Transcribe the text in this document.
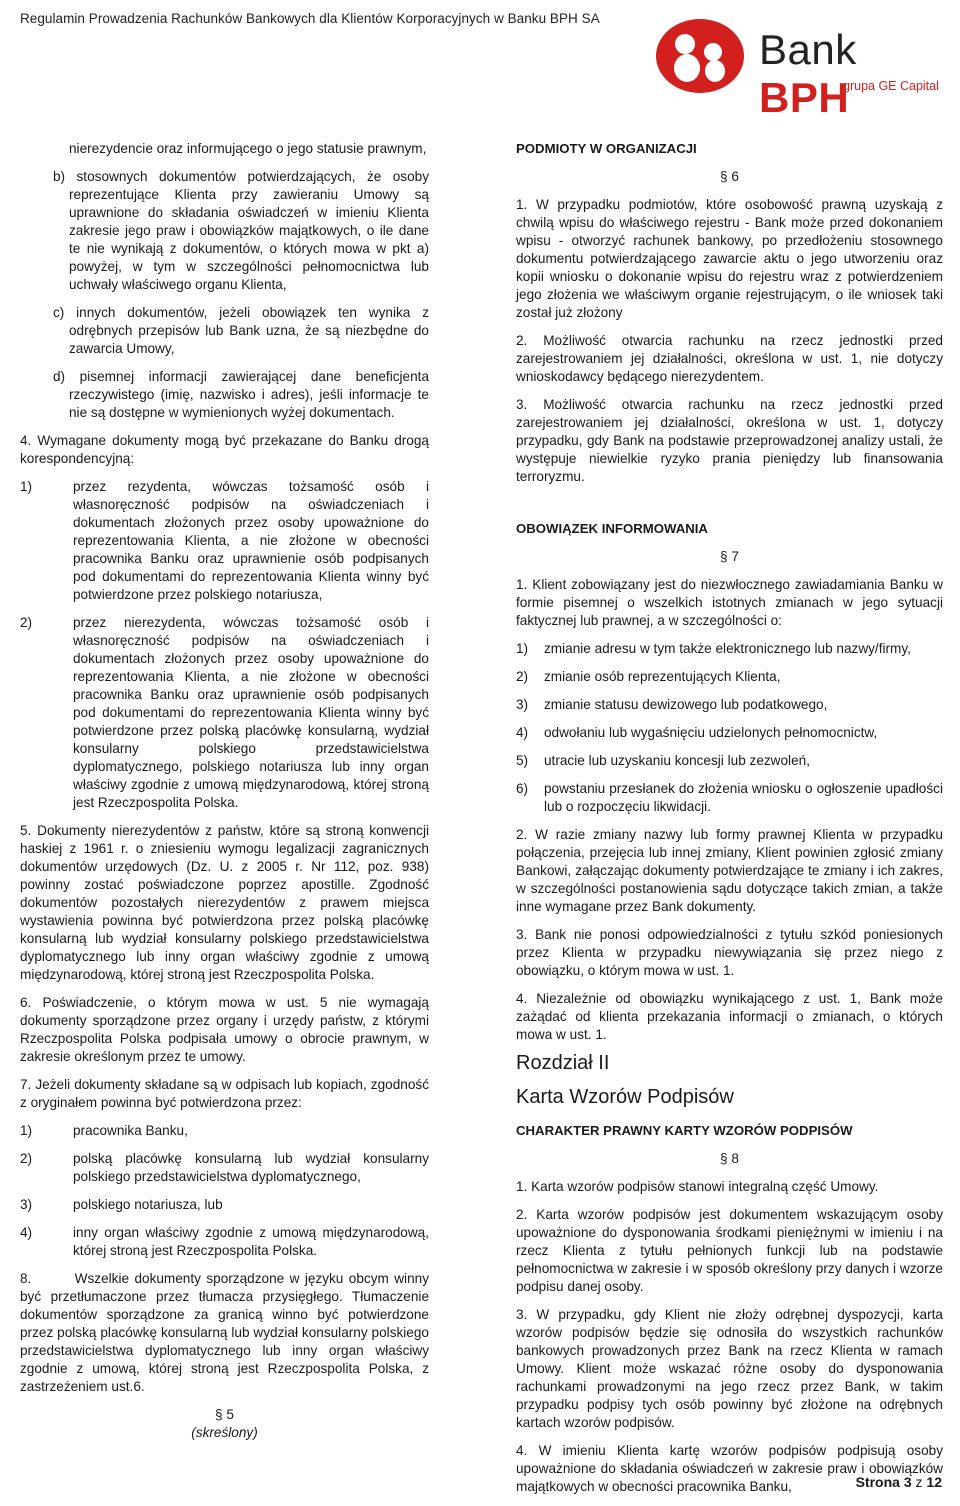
Regulamin Prowadzenia Rachunków Bankowych dla Klientów Korporacyjnych w Banku BPH SA
Bank BPH
grupa GE Capital

nierezydencie oraz informującego o jego statusie prawnym,

b) stosownych dokumentów potwierdzających, że osoby reprezentujące Klienta przy zawieraniu Umowy są uprawnione do składania oświadczeń w imieniu Klienta zakresie jego praw i obowiązków majątkowych, o ile dane te nie wynikają z dokumentów, o których mowa w pkt a) powyżej, w tym w szczególności pełnomocnictwa lub uchwały właściwego organu Klienta,

c) innych dokumentów, jeżeli obowiązek ten wynika z odrębnych przepisów lub Bank uzna, że są niezbędne do zawarcia Umowy,

d) pisemnej informacji zawierającej dane beneficjenta rzeczywistego (imię, nazwisko i adres), jeśli informacje te nie są dostępne w wymienionych wyżej dokumentach.

4. Wymagane dokumenty mogą być przekazane do Banku drogą korespondencyjną:

1)	przez rezydenta, wówczas tożsamość osób i własnoręczność podpisów na oświadczeniach i dokumentach złożonych przez osoby upoważnione do reprezentowania Klienta, a nie złożone w obecności pracownika Banku oraz uprawnienie osób podpisanych pod dokumentami do reprezentowania Klienta winny być potwierdzone przez polskiego notariusza,
2)	przez nierezydenta, wówczas tożsamość osób i własnoręczność podpisów na oświadczeniach i dokumentach złożonych przez osoby upoważnione do reprezentowania Klienta, a nie złożone w obecności pracownika Banku oraz uprawnienie osób podpisanych pod dokumentami do reprezentowania Klienta winny być potwierdzone przez polską placówkę konsularną, wydział konsularny polskiego przedstawicielstwa dyplomatycznego, polskiego notariusza lub inny organ właściwy zgodnie z umową międzynarodową, której stroną jest Rzeczpospolita Polska.

5. Dokumenty nierezydentów z państw, które są stroną konwencji haskiej z 1961 r. o zniesieniu wymogu legalizacji zagranicznych dokumentów urzędowych (Dz. U. z 2005 r. Nr 112, poz. 938) powinny zostać poświadczone poprzez apostille. Zgodność dokumentów pozostałych nierezydentów z prawem miejsca wystawienia powinna być potwierdzona przez polską placówkę konsularną lub wydział konsularny polskiego przedstawicielstwa dyplomatycznego lub inny organ właściwy zgodnie z umową międzynarodową, której stroną jest Rzeczpospolita Polska.

6. Poświadczenie, o którym mowa w ust. 5 nie wymagają dokumenty sporządzone przez organy i urzędy państw, z którymi Rzeczpospolita Polska podpisała umowy o obrocie prawnym, w zakresie określonym przez te umowy.

7. Jeżeli dokumenty składane są w odpisach lub kopiach, zgodność z oryginałem powinna być potwierdzona przez:

1)	pracownika Banku,
2)	polską placówkę konsularną lub wydział konsularny polskiego przedstawicielstwa dyplomatycznego,
3)	polskiego notariusza, lub
4)	inny organ właściwy zgodnie z umową międzynarodową, której stroną jest Rzeczpospolita Polska.

8.        Wszelkie dokumenty sporządzone w języku obcym winny być przetłumaczone przez tłumacza przysięgłego. Tłumaczenie dokumentów sporządzone za granicą winno być potwierdzone przez polską placówkę konsularną lub wydział konsularny polskiego przedstawicielstwa dyplomatycznego lub inny organ właściwy zgodnie z umową, której stroną jest Rzeczpospolita Polska, z zastrzeżeniem ust.6.

§ 5

(skreślony)

PODMIOTY W ORGANIZACJI

§ 6

1. W przypadku podmiotów, które osobowość prawną uzyskają z chwilą wpisu do właściwego rejestru - Bank może przed dokonaniem wpisu - otworzyć rachunek bankowy, po przedłożeniu stosownego dokumentu potwierdzającego zawarcie aktu o jego utworzeniu oraz kopii wniosku o dokonanie wpisu do rejestru wraz z potwierdzeniem jego złożenia we właściwym organie rejestrującym, o ile wniosek taki został już złożony

2. Możliwość otwarcia rachunku na rzecz jednostki przed zarejestrowaniem jej działalności, określona w ust. 1, nie dotyczy wnioskodawcy będącego nierezydentem.

3. Możliwość otwarcia rachunku na rzecz jednostki przed zarejestrowaniem jej działalności, określona w ust. 1, dotyczy przypadku, gdy Bank na podstawie przeprowadzonej analizy ustali, że występuje niewielkie ryzyko prania pieniędzy lub finansowania terroryzmu.

OBOWIĄZEK INFORMOWANIA

§ 7

1. Klient zobowiązany jest do niezwłocznego zawiadamiania Banku w formie pisemnej o wszelkich istotnych zmianach w jego sytuacji faktycznej lub prawnej, a w szczególności o:

1) zmianie adresu w tym także elektronicznego lub nazwy/firmy,
2) zmianie osób reprezentujących Klienta,
3) zmianie statusu dewizowego lub podatkowego,
4) odwołaniu lub wygaśnięciu udzielonych pełnomocnictw,
5) utracie lub uzyskaniu koncesji lub zezwoleń,
6) powstaniu przesłanek do złożenia wniosku o ogłoszenie upadłości lub o rozpoczęciu likwidacji.

2. W razie zmiany nazwy lub formy prawnej Klienta w przypadku połączenia, przejęcia lub innej zmiany, Klient powinien zgłosić zmiany Bankowi, załączając dokumenty potwierdzające te zmiany i ich zakres, w szczególności postanowienia sądu dotyczące takich zmian, a także inne wymagane przez Bank dokumenty.

3. Bank nie ponosi odpowiedzialności z tytułu szkód poniesionych przez Klienta w przypadku niewywiązania się przez niego z obowiązku, o którym mowa w ust. 1.

4. Niezależnie od obowiązku wynikającego z ust. 1, Bank może zażądać od klienta przekazania informacji o zmianach, o których mowa w ust. 1.

Rozdział II

Karta Wzorów Podpisów

CHARAKTER PRAWNY KARTY WZORÓW PODPISÓW

§ 8

1. Karta wzorów podpisów stanowi integralną część Umowy.

2. Karta wzorów podpisów jest dokumentem wskazującym osoby upoważnione do dysponowania środkami pieniężnymi w imieniu i na rzecz Klienta z tytułu pełnionych funkcji lub na podstawie pełnomocnictwa w zakresie i w sposób określony przy danych i wzorze podpisu danej osoby.

3. W przypadku, gdy Klient nie złoży odrębnej dyspozycji, karta wzorów podpisów będzie się odnosiła do wszystkich rachunków bankowych prowadzonych przez Bank na rzecz Klienta w ramach Umowy. Klient może wskazać różne osoby do dysponowania rachunkami prowadzonymi na jego rzecz przez Bank, w takim przypadku podpisy tych osób powinny być złożone na odrębnych kartach wzorów podpisów.

4. W imieniu Klienta kartę wzorów podpisów podpisują osoby upoważnione do składania oświadczeń w zakresie praw i obowiązków majątkowych w obecności pracownika Banku,	Strona 3 z 12
